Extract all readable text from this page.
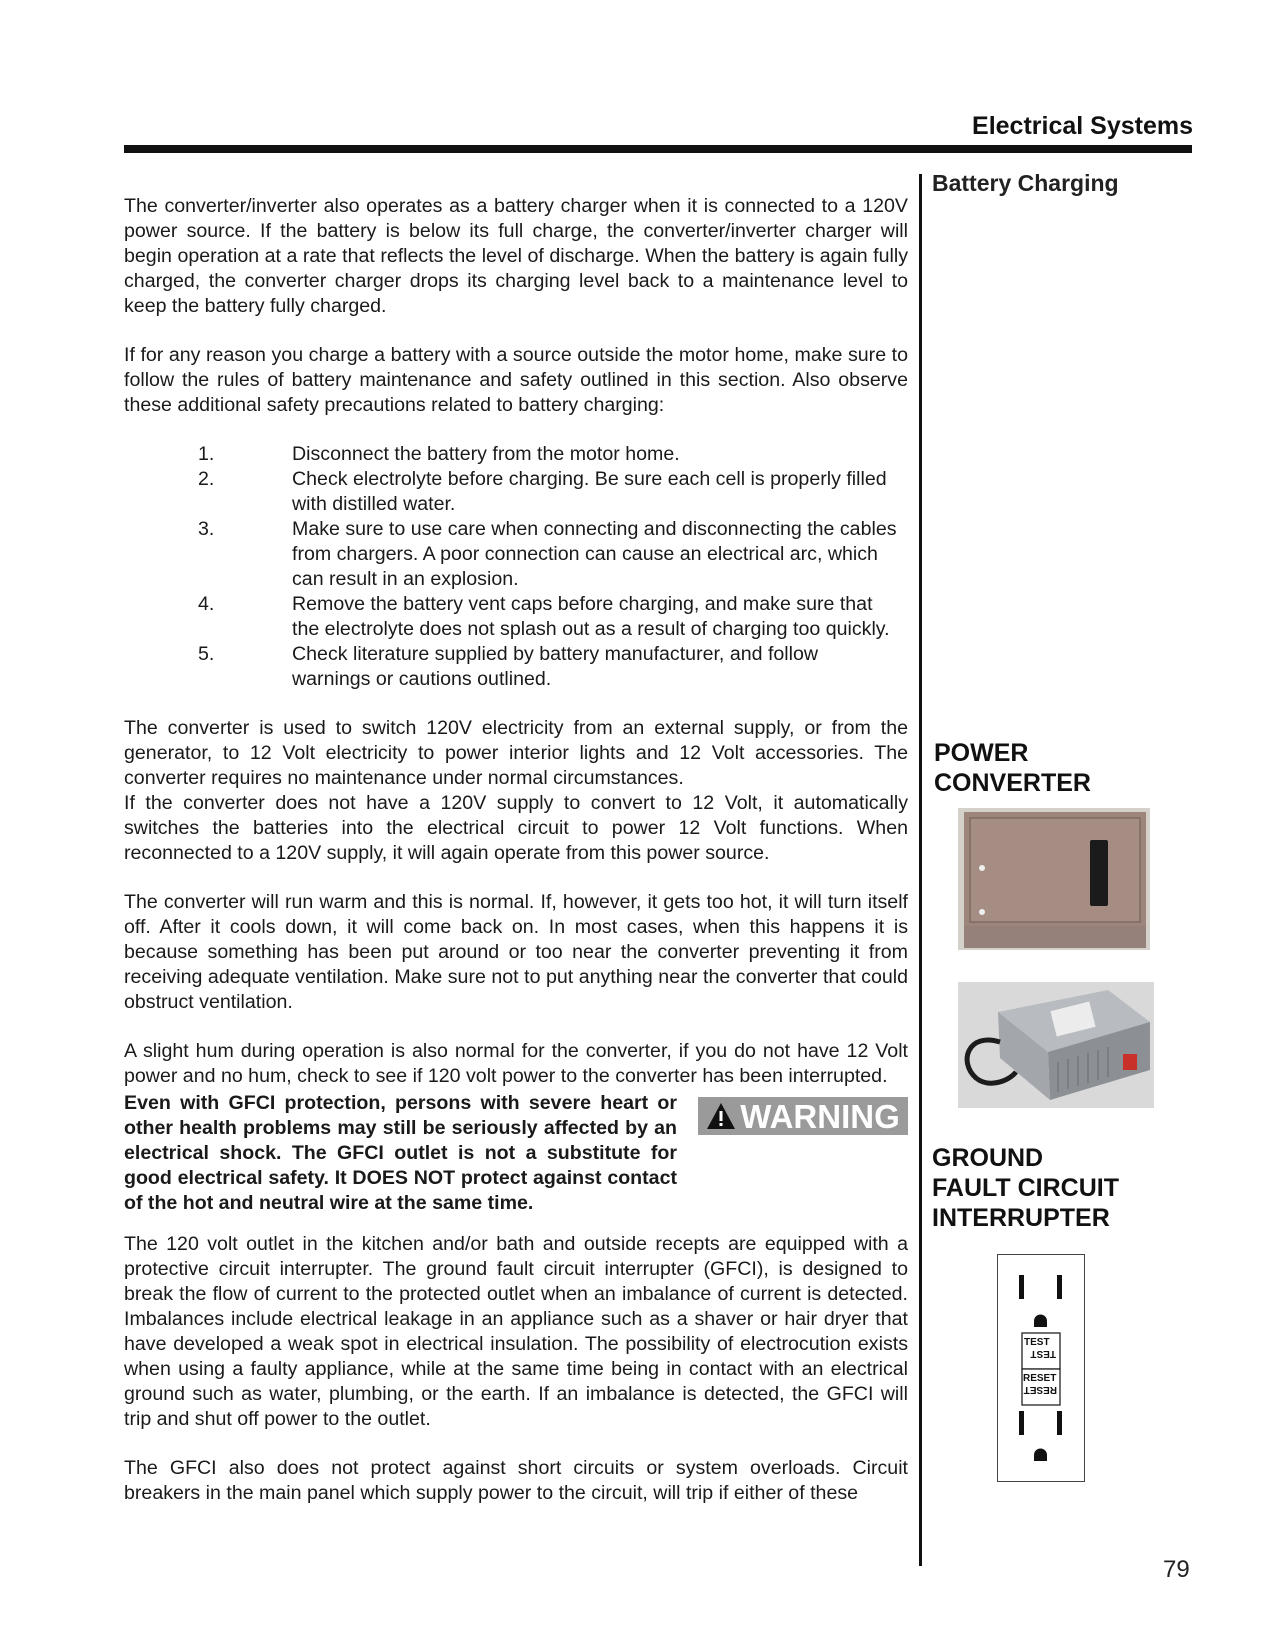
Electrical Systems

The converter/inverter also operates as a battery charger when it is connected to a 120V power source. If the battery is below its full charge, the converter/inverter charger will begin operation at a rate that reflects the level of discharge. When the battery is again fully charged, the converter charger drops its charging level back to a maintenance level to keep the battery fully charged.

If for any reason you charge a battery with a source outside the motor home, make sure to follow the rules of battery maintenance and safety outlined in this section. Also observe these additional safety precautions related to battery charging:

1.	Disconnect the battery from the motor home.
2.	Check electrolyte before charging. Be sure each cell is properly filled with distilled water.
3.	Make sure to use care when connecting and disconnecting the cables from chargers. A poor connection can cause an electrical arc, which can result in an explosion.
4.	Remove the battery vent caps before charging, and make sure that the electrolyte does not splash out as a result of charging too quickly.
5.	Check literature supplied by battery manufacturer, and follow warnings or cautions outlined.

The converter is used to switch 120V electricity from an external supply, or from the generator, to 12 Volt electricity to power interior lights and 12 Volt accessories. The converter requires no maintenance under normal circumstances.

If the converter does not have a 120V supply to convert to 12 Volt, it automatically switches the batteries into the electrical circuit to power 12 Volt functions. When reconnected to a 120V supply, it will again operate from this power source.

The converter will run warm and this is normal. If, however, it gets too hot, it will turn itself off. After it cools down, it will come back on. In most cases, when this happens it is because something has been put around or too near the converter preventing it from receiving adequate ventilation. Make sure not to put anything near the converter that could obstruct ventilation.

A slight hum during operation is also normal for the converter, if you do not have 12 Volt power and no hum, check to see if 120 volt power to the converter has been interrupted.

Even with GFCI protection, persons with severe heart or other health problems may still be seriously affected by an electrical shock. The GFCI outlet is not a substitute for good electrical safety. It DOES NOT protect against contact of the hot and neutral wire at the same time.

WARNING

The 120 volt outlet in the kitchen and/or bath and outside recepts are equipped with a protective circuit interrupter. The ground fault circuit interrupter (GFCI), is designed to break the flow of current to the protected outlet when an imbalance of current is detected. Imbalances include electrical leakage in an appliance such as a shaver or hair dryer that have developed a weak spot in electrical insulation. The possibility of electrocution exists when using a faulty appliance, while at the same time being in contact with an electrical ground such as water, plumbing, or the earth. If an imbalance is detected, the GFCI will trip and shut off power to the outlet.

The GFCI also does not protect against short circuits or system overloads. Circuit breakers in the main panel which supply power to the circuit, will trip if either of these

Battery Charging
POWER
CONVERTER
GROUND
FAULT CIRCUIT
INTERRUPTER
TEST
TEST
RESET
RESET
79
